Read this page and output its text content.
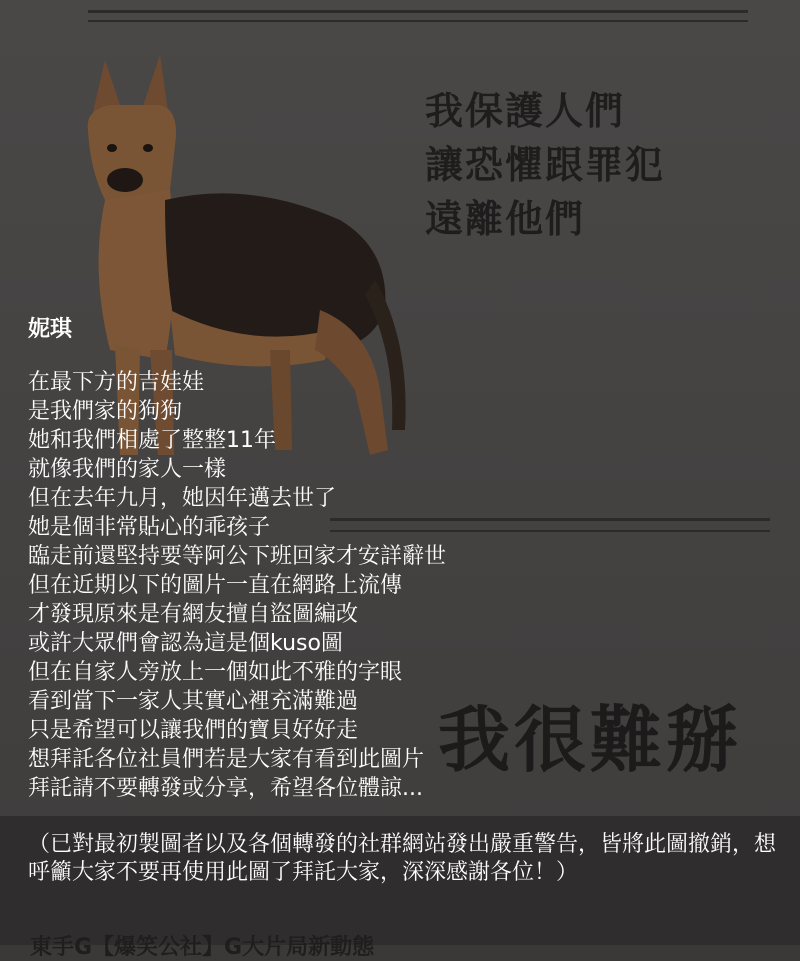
我保護人們
讓恐懼跟罪犯
遠離他們
我很難掰
東手G【爆笑公社】G大片局新動態
妮琪
在最下方的吉娃娃
是我們家的狗狗
她和我們相處了整整11年
就像我們的家人一樣
但在去年九月，她因年邁去世了
她是個非常貼心的乖孩子
臨走前還堅持要等阿公下班回家才安詳辭世
但在近期以下的圖片一直在網路上流傳
才發現原來是有網友擅自盜圖編改
或許大眾們會認為這是個kuso圖
但在自家人旁放上一個如此不雅的字眼
看到當下一家人其實心裡充滿難過
只是希望可以讓我們的寶貝好好走
想拜託各位社員們若是大家有看到此圖片
拜託請不要轉發或分享，希望各位體諒...
（已對最初製圖者以及各個轉發的社群網站發出嚴重警告，皆將此圖撤銷，想呼籲大家不要再使用此圖了拜託大家，深深感謝各位！）
